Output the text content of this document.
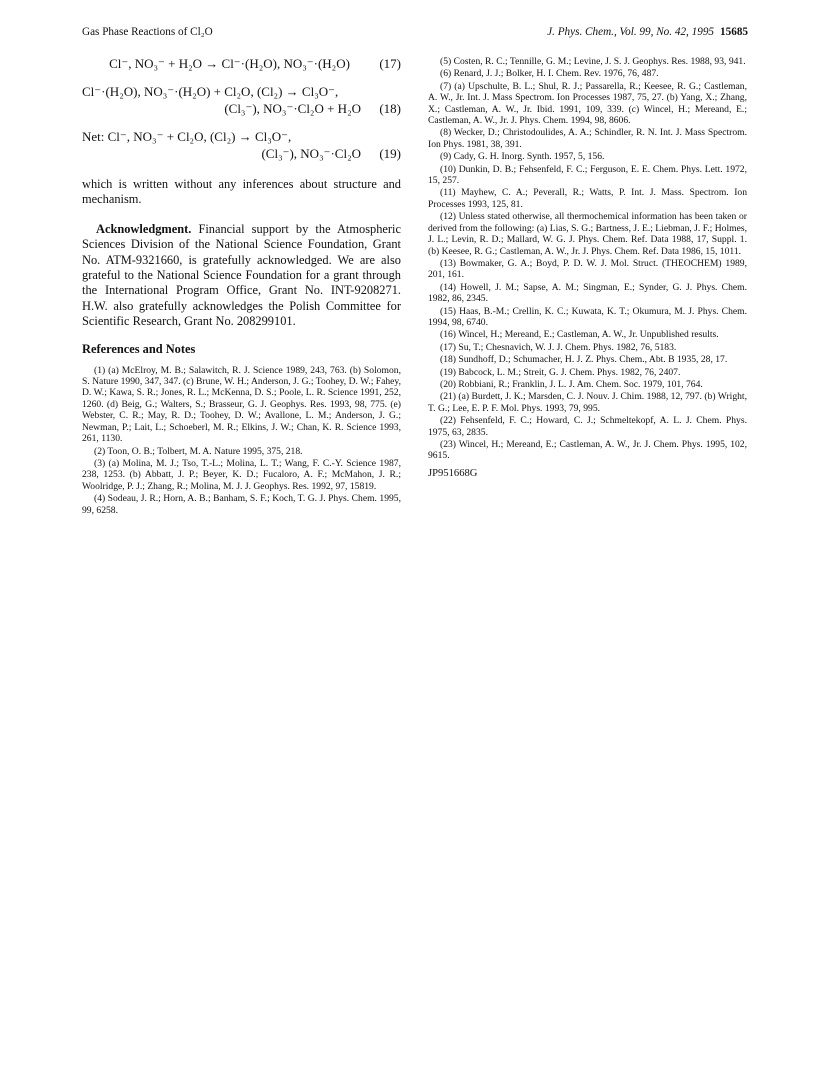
Gas Phase Reactions of Cl₂O	J. Phys. Chem., Vol. 99, No. 42, 1995 15685
Cl⁻, NO₃⁻ + H₂O → Cl⁻·(H₂O), NO₃⁻·(H₂O) (17)
Cl⁻·(H₂O), NO₃⁻·(H₂O) + Cl₂O, (Cl₂) → Cl₃O⁻,
(Cl₃⁻), NO₃⁻·Cl₂O + H₂O (18)
Net: Cl⁻, NO₃⁻ + Cl₂O, (Cl₂) → Cl₃O⁻,
(Cl₃⁻), NO₃⁻·Cl₂O (19)

which is written without any inferences about structure and mechanism.

Acknowledgment. Financial support by the Atmospheric Sciences Division of the National Science Foundation, Grant No. ATM-9321660, is gratefully acknowledged. We are also grateful to the National Science Foundation for a grant through the International Program Office, Grant No. INT-9208271. H.W. also gratefully acknowledges the Polish Committee for Scientific Research, Grant No. 208299101.

References and Notes

(1) (a) McElroy, M. B.; Salawitch, R. J. Science 1989, 243, 763. (b) Solomon, S. Nature 1990, 347, 347. (c) Brune, W. H.; Anderson, J. G.; Toohey, D. W.; Fahey, D. W.; Kawa, S. R.; Jones, R. L.; McKenna, D. S.; Poole, L. R. Science 1991, 252, 1260. (d) Beig, G.; Walters, S.; Brasseur, G. J. Geophys. Res. 1993, 98, 775. (e) Webster, C. R.; May, R. D.; Toohey, D. W.; Avallone, L. M.; Anderson, J. G.; Newman, P.; Lait, L.; Schoeberl, M. R.; Elkins, J. W.; Chan, K. R. Science 1993, 261, 1130.

(2) Toon, O. B.; Tolbert, M. A. Nature 1995, 375, 218.

(3) (a) Molina, M. J.; Tso, T.-L.; Molina, L. T.; Wang, F. C.-Y. Science 1987, 238, 1253. (b) Abbatt, J. P.; Beyer, K. D.; Fucaloro, A. F.; McMahon, J. R.; Woolridge, P. J.; Zhang, R.; Molina, M. J. J. Geophys. Res. 1992, 97, 15819.

(4) Sodeau, J. R.; Horn, A. B.; Banham, S. F.; Koch, T. G. J. Phys. Chem. 1995, 99, 6258.

(5) Costen, R. C.; Tennille, G. M.; Levine, J. S. J. Geophys. Res. 1988, 93, 941.

(6) Renard, J. J.; Bolker, H. I. Chem. Rev. 1976, 76, 487.

(7) (a) Upschulte, B. L.; Shul, R. J.; Passarella, R.; Keesee, R. G.; Castleman, A. W., Jr. Int. J. Mass Spectrom. Ion Processes 1987, 75, 27. (b) Yang, X.; Zhang, X.; Castleman, A. W., Jr. Ibid. 1991, 109, 339. (c) Wincel, H.; Mereand, E.; Castleman, A. W., Jr. J. Phys. Chem. 1994, 98, 8606.

(8) Wecker, D.; Christodoulides, A. A.; Schindler, R. N. Int. J. Mass Spectrom. Ion Phys. 1981, 38, 391.

(9) Cady, G. H. Inorg. Synth. 1957, 5, 156.

(10) Dunkin, D. B.; Fehsenfeld, F. C.; Ferguson, E. E. Chem. Phys. Lett. 1972, 15, 257.

(11) Mayhew, C. A.; Peverall, R.; Watts, P. Int. J. Mass. Spectrom. Ion Processes 1993, 125, 81.

(12) Unless stated otherwise, all thermochemical information has been taken or derived from the following: (a) Lias, S. G.; Bartness, J. E.; Liebman, J. F.; Holmes, J. L.; Levin, R. D.; Mallard, W. G. J. Phys. Chem. Ref. Data 1988, 17, Suppl. 1. (b) Keesee, R. G.; Castleman, A. W., Jr. J. Phys. Chem. Ref. Data 1986, 15, 1011.

(13) Bowmaker, G. A.; Boyd, P. D. W. J. Mol. Struct. (THEOCHEM) 1989, 201, 161.

(14) Howell, J. M.; Sapse, A. M.; Singman, E.; Synder, G. J. Phys. Chem. 1982, 86, 2345.

(15) Haas, B.-M.; Crellin, K. C.; Kuwata, K. T.; Okumura, M. J. Phys. Chem. 1994, 98, 6740.

(16) Wincel, H.; Mereand, E.; Castleman, A. W., Jr. Unpublished results.

(17) Su, T.; Chesnavich, W. J. J. Chem. Phys. 1982, 76, 5183.

(18) Sundhoff, D.; Schumacher, H. J. Z. Phys. Chem., Abt. B 1935, 28, 17.

(19) Babcock, L. M.; Streit, G. J. Chem. Phys. 1982, 76, 2407.

(20) Robbiani, R.; Franklin, J. L. J. Am. Chem. Soc. 1979, 101, 764.

(21) (a) Burdett, J. K.; Marsden, C. J. Nouv. J. Chim. 1988, 12, 797. (b) Wright, T. G.; Lee, E. P. F. Mol. Phys. 1993, 79, 995.

(22) Fehsenfeld, F. C.; Howard, C. J.; Schmeltekopf, A. L. J. Chem. Phys. 1975, 63, 2835.

(23) Wincel, H.; Mereand, E.; Castleman, A. W., Jr. J. Chem. Phys. 1995, 102, 9615.

JP951668G
